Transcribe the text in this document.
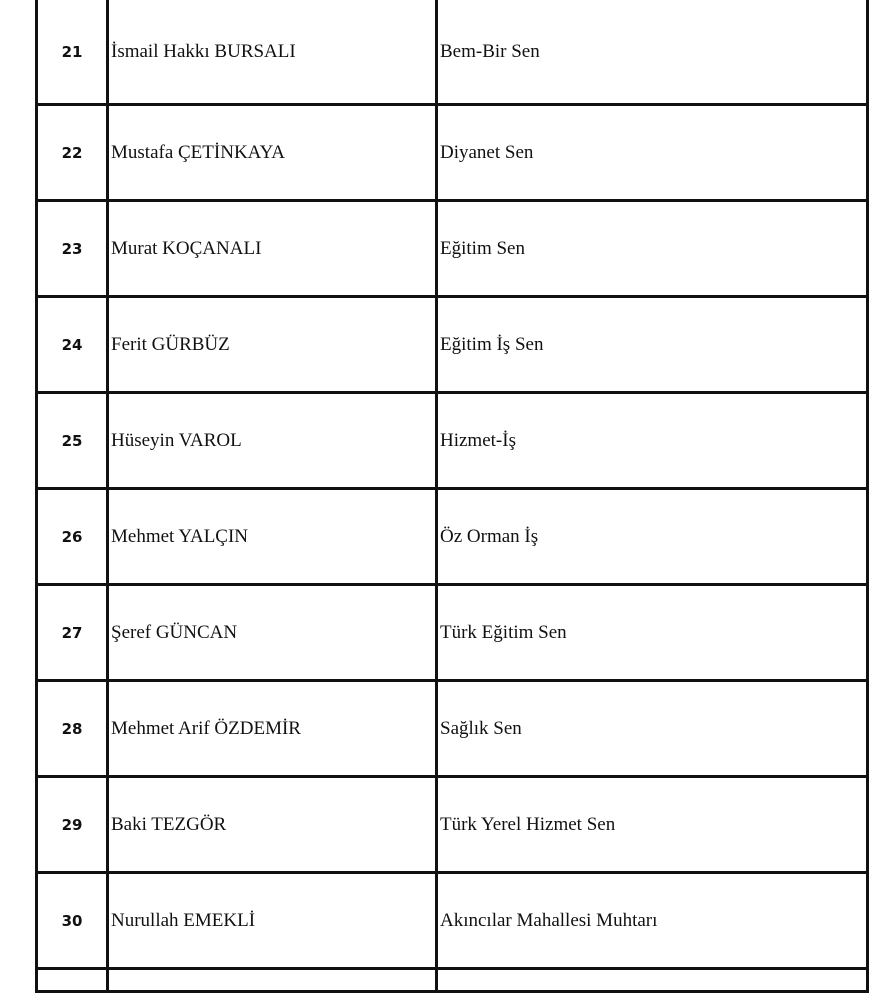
21	İsmail Hakkı BURSALI	Bem-Bir Sen
22	Mustafa ÇETİNKAYA	Diyanet Sen
23	Murat KOÇANALI	Eğitim Sen
24	Ferit GÜRBÜZ	Eğitim İş Sen
25	Hüseyin VAROL	Hizmet-İş
26	Mehmet YALÇIN	Öz Orman İş
27	Şeref GÜNCAN	Türk Eğitim Sen
28	Mehmet Arif ÖZDEMİR	Sağlık Sen
29	Baki TEZGÖR	Türk Yerel Hizmet Sen
30	Nurullah EMEKLİ	Akıncılar Mahallesi Muhtarı
